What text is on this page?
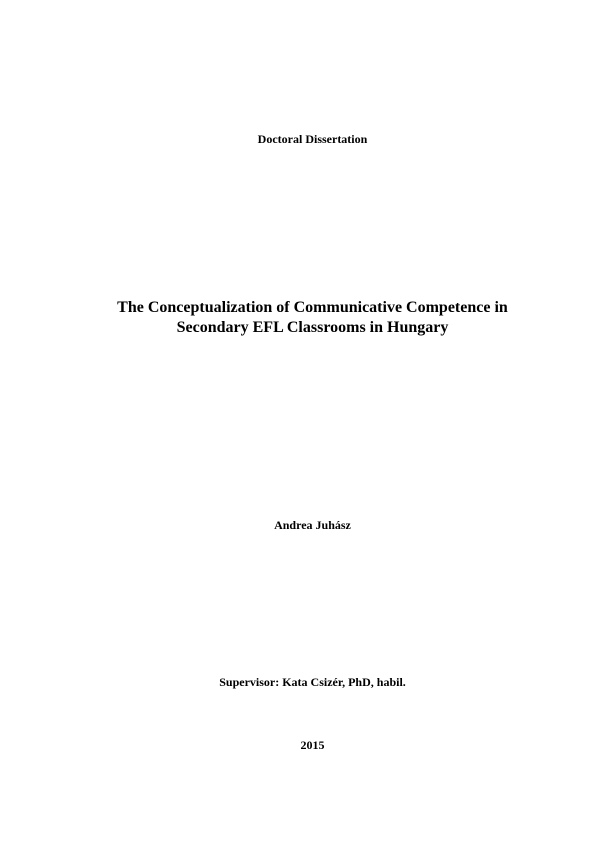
Doctoral Dissertation
The Conceptualization of Communicative Competence in
Secondary EFL Classrooms in Hungary
Andrea Juhász
Supervisor: Kata Csizér, PhD, habil.
2015
